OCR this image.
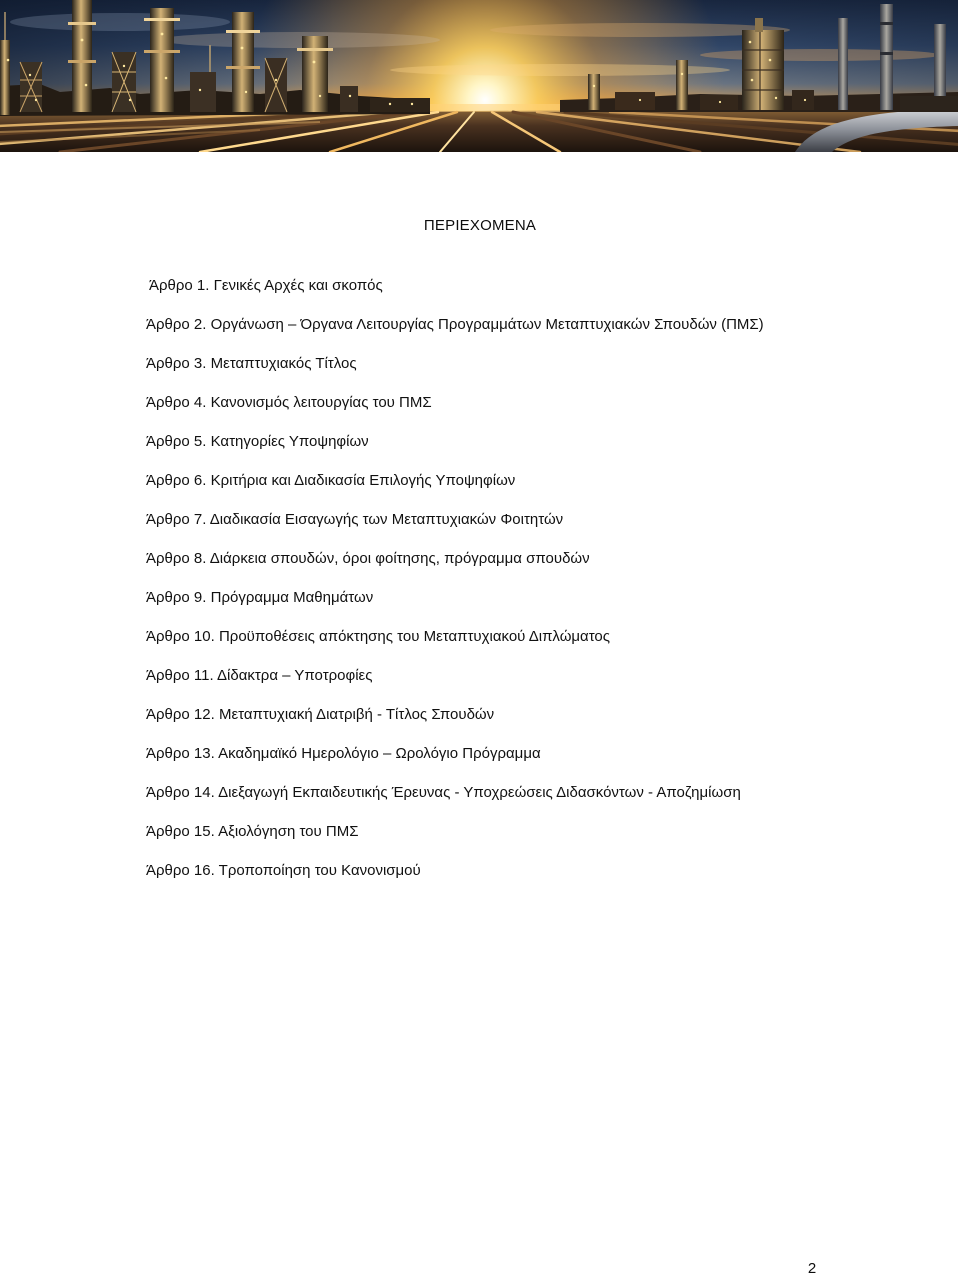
ΠΕΡΙΕΧΟΜΕΝΑ
Άρθρο 1. Γενικές Αρχές και σκοπός
Άρθρο 2. Οργάνωση – Όργανα Λειτουργίας Προγραμμάτων Μεταπτυχιακών Σπουδών (ΠΜΣ)
Άρθρο 3. Μεταπτυχιακός Τίτλος
Άρθρο 4. Κανονισμός λειτουργίας του ΠΜΣ
Άρθρο 5. Κατηγορίες Υποψηφίων
Άρθρο 6. Κριτήρια και Διαδικασία Επιλογής Υποψηφίων
Άρθρο 7. Διαδικασία Εισαγωγής των Μεταπτυχιακών Φοιτητών
Άρθρο 8. Διάρκεια σπουδών, όροι φοίτησης, πρόγραμμα σπουδών
Άρθρο 9. Πρόγραμμα Μαθημάτων
Άρθρο 10. Προϋποθέσεις απόκτησης του Μεταπτυχιακού Διπλώματος
Άρθρο 11. Δίδακτρα – Υποτροφίες
Άρθρο 12. Μεταπτυχιακή Διατριβή - Τίτλος Σπουδών
Άρθρο 13. Ακαδημαϊκό Ημερολόγιο – Ωρολόγιο Πρόγραμμα
Άρθρο 14. Διεξαγωγή Εκπαιδευτικής Έρευνας - Υποχρεώσεις Διδασκόντων - Αποζημίωση
Άρθρο 15. Αξιολόγηση του ΠΜΣ
Άρθρο 16. Τροποποίηση του Κανονισμού
2
